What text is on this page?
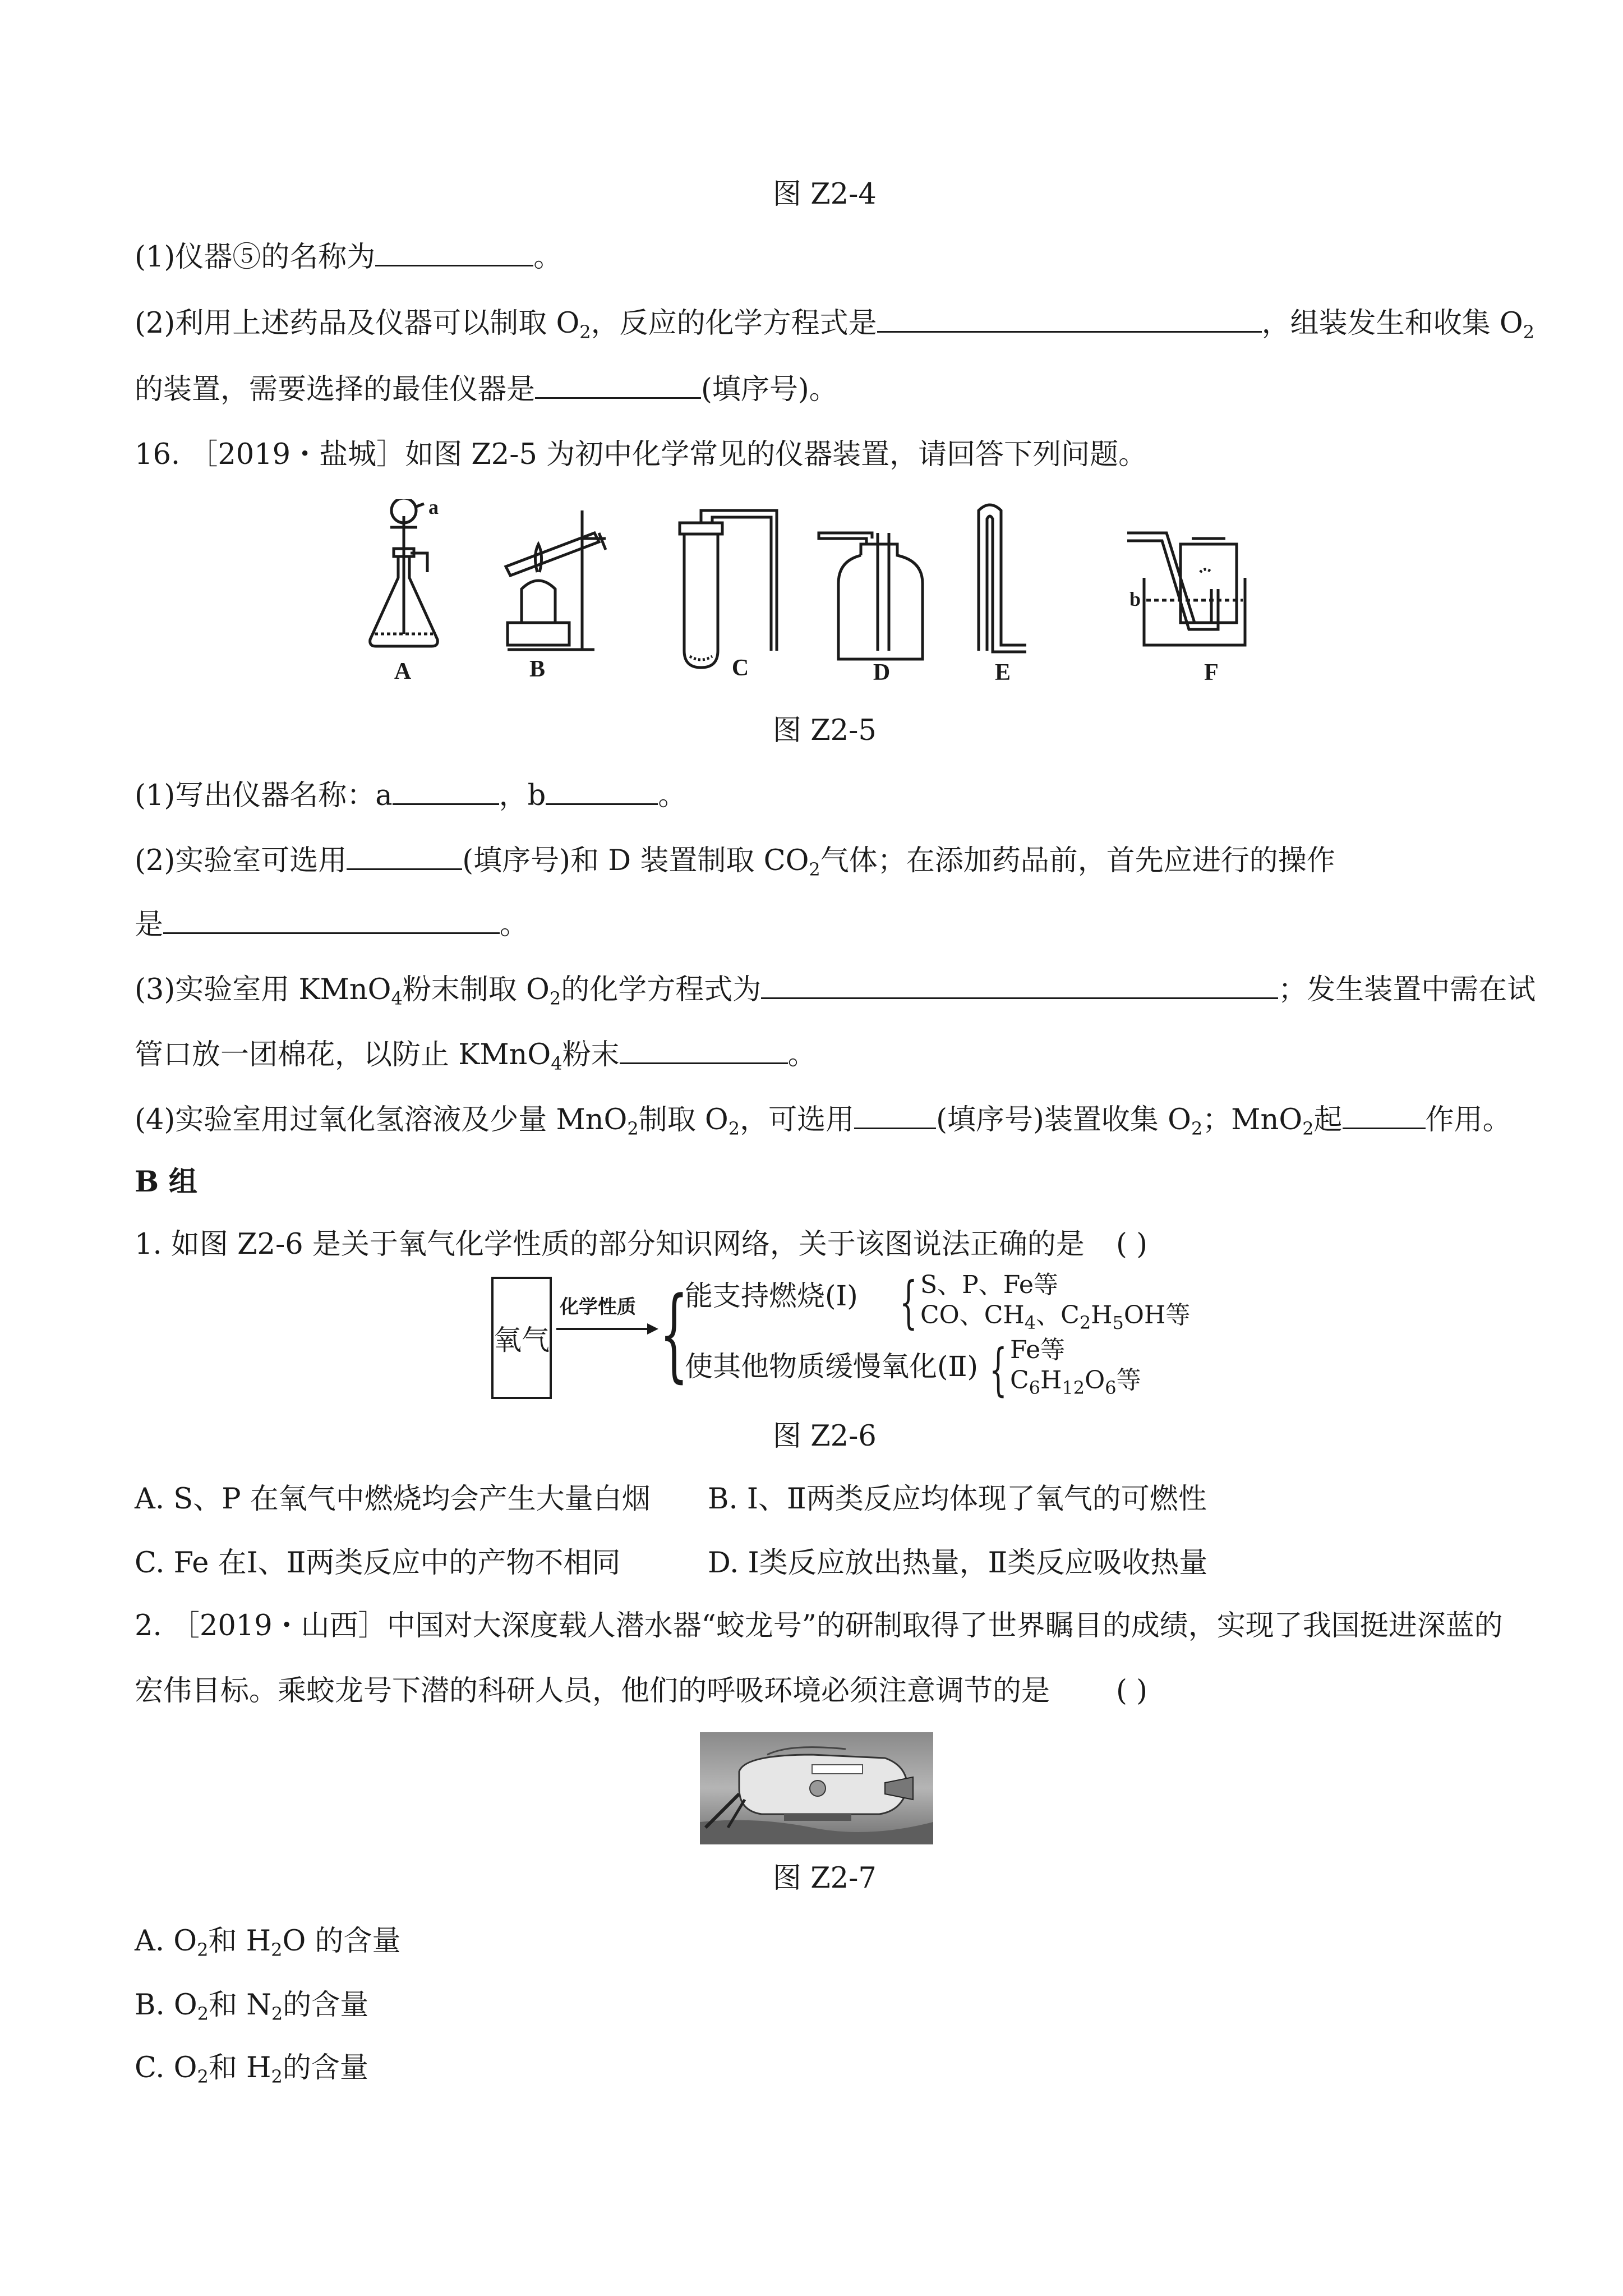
图 Z2-4
(1)仪器⑤的名称为	。
(2)利用上述药品及仪器可以制取 $O_2$，反应的化学方程式是	，组装发生和收集 $O_2$
的装置，需要选择的最佳仪器是	(填序号)。
16. ［2019・盐城］如图 Z2-5 为初中化学常见的仪器装置，请回答下列问题。
a
b
A	B	C	D	E	F
图 Z2-5
(1)写出仪器名称：a	，b	。
(2)实验室可选用	(填序号)和 D 装置制取 $CO_2$气体；在添加药品前，首先应进行的操作
是	。
(3)实验室用 KMnO$_4$粉末制取 $O_2$的化学方程式为	；发生装置中需在试
管口放一团棉花，以防止 KMnO$_4$粉末	。
(4)实验室用过氧化氢溶液及少量 MnO$_2$制取 $O_2$，可选用	(填序号)装置收集 $O_2$；MnO$_2$起	作用。
B 组
1. 如图 Z2-6 是关于氧气化学性质的部分知识网络，关于该图说法正确的是 ( )
氧气
化学性质 {
能支持燃烧(Ⅰ) { S、P、Fe等
CO、$CH_4$、$C_2H_5OH$等
使其他物质缓慢氧化(Ⅱ) { Fe等
$C_6H_{12}O_6$等
图 Z2-6
A. S、P 在氧气中燃烧均会产生大量白烟 B. Ⅰ、Ⅱ两类反应均体现了氧气的可燃性
C. Fe 在Ⅰ、Ⅱ两类反应中的产物不相同	D. Ⅰ类反应放出热量，Ⅱ类反应吸收热量
2. ［2019・山西］中国对大深度载人潜水器“蛟龙号”的研制取得了世界瞩目的成绩，实现了我国挺进深蓝的
宏伟目标。乘蛟龙号下潜的科研人员，他们的呼吸环境必须注意调节的是 ( )
图 Z2-7
A. $O_2$和 $H_2O$ 的含量
B. $O_2$和 $N_2$的含量
C. $O_2$和 $H_2$的含量
